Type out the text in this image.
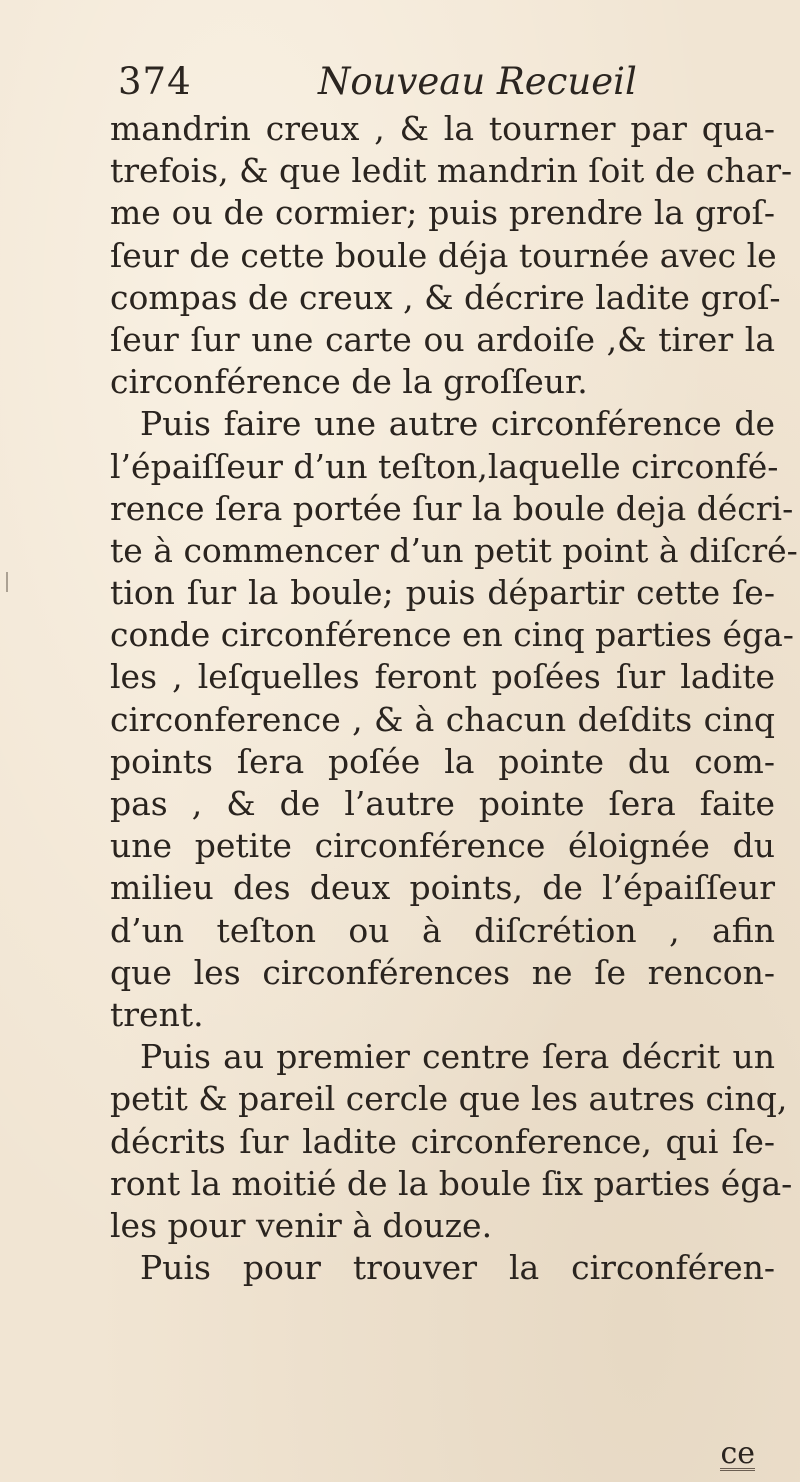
374	Nouveau Recueil
mandrin creux , & la tourner par qua-
trefois, & que ledit mandrin ſoit de char-
me ou de cormier; puis prendre la groſ-
ſeur de cette boule déja tournée avec le
compas de creux , & décrire ladite groſ-
ſeur ſur une carte ou ardoiſe ,& tirer la
circonférence de la groſſeur.
Puis faire une autre circonférence de
l’épaiſſeur d’un teſton,laquelle circonfé-
rence ſera portée ſur la boule deja décri-
te à commencer d’un petit point à diſcré-
tion ſur la boule; puis départir cette ſe-
conde circonférence en cinq parties éga-
les , leſquelles feront poſées ſur ladite
circonference , & à chacun deſdits cinq
points ſera poſée la pointe du com-
pas , & de l’autre pointe ſera faite
une petite circonférence éloignée du
milieu des deux points, de l’épaiſſeur
d’un teſton ou à diſcrétion , afin
que les circonférences ne ſe rencon-
trent.
Puis au premier centre ſera décrit un
petit & pareil cercle que les autres cinq,
décrits ſur ladite circonference, qui ſe-
ront la moitié de la boule ſix parties éga-
les pour venir à douze.
Puis pour trouver la circonféren-
ce
